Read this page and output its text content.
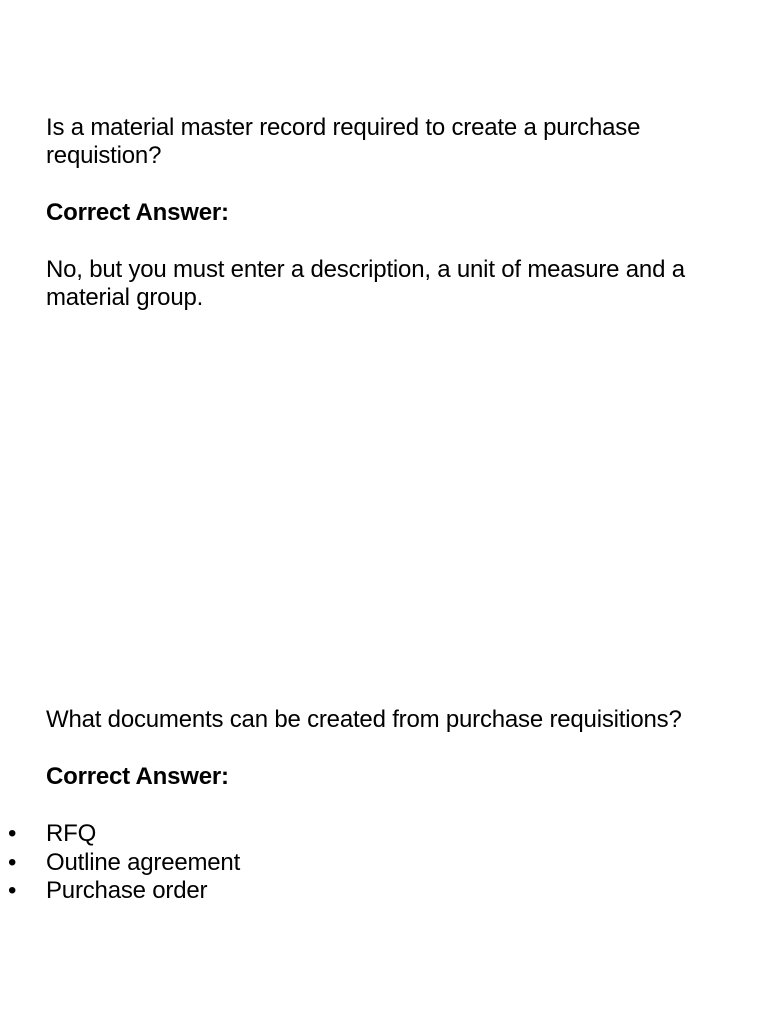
Is a material master record required to create a purchase requistion?

Correct Answer:

No, but you must enter a description, a unit of measure and a material group.

What documents can be created from purchase requisitions?

Correct Answer:

• RFQ
• Outline agreement
• Purchase order
